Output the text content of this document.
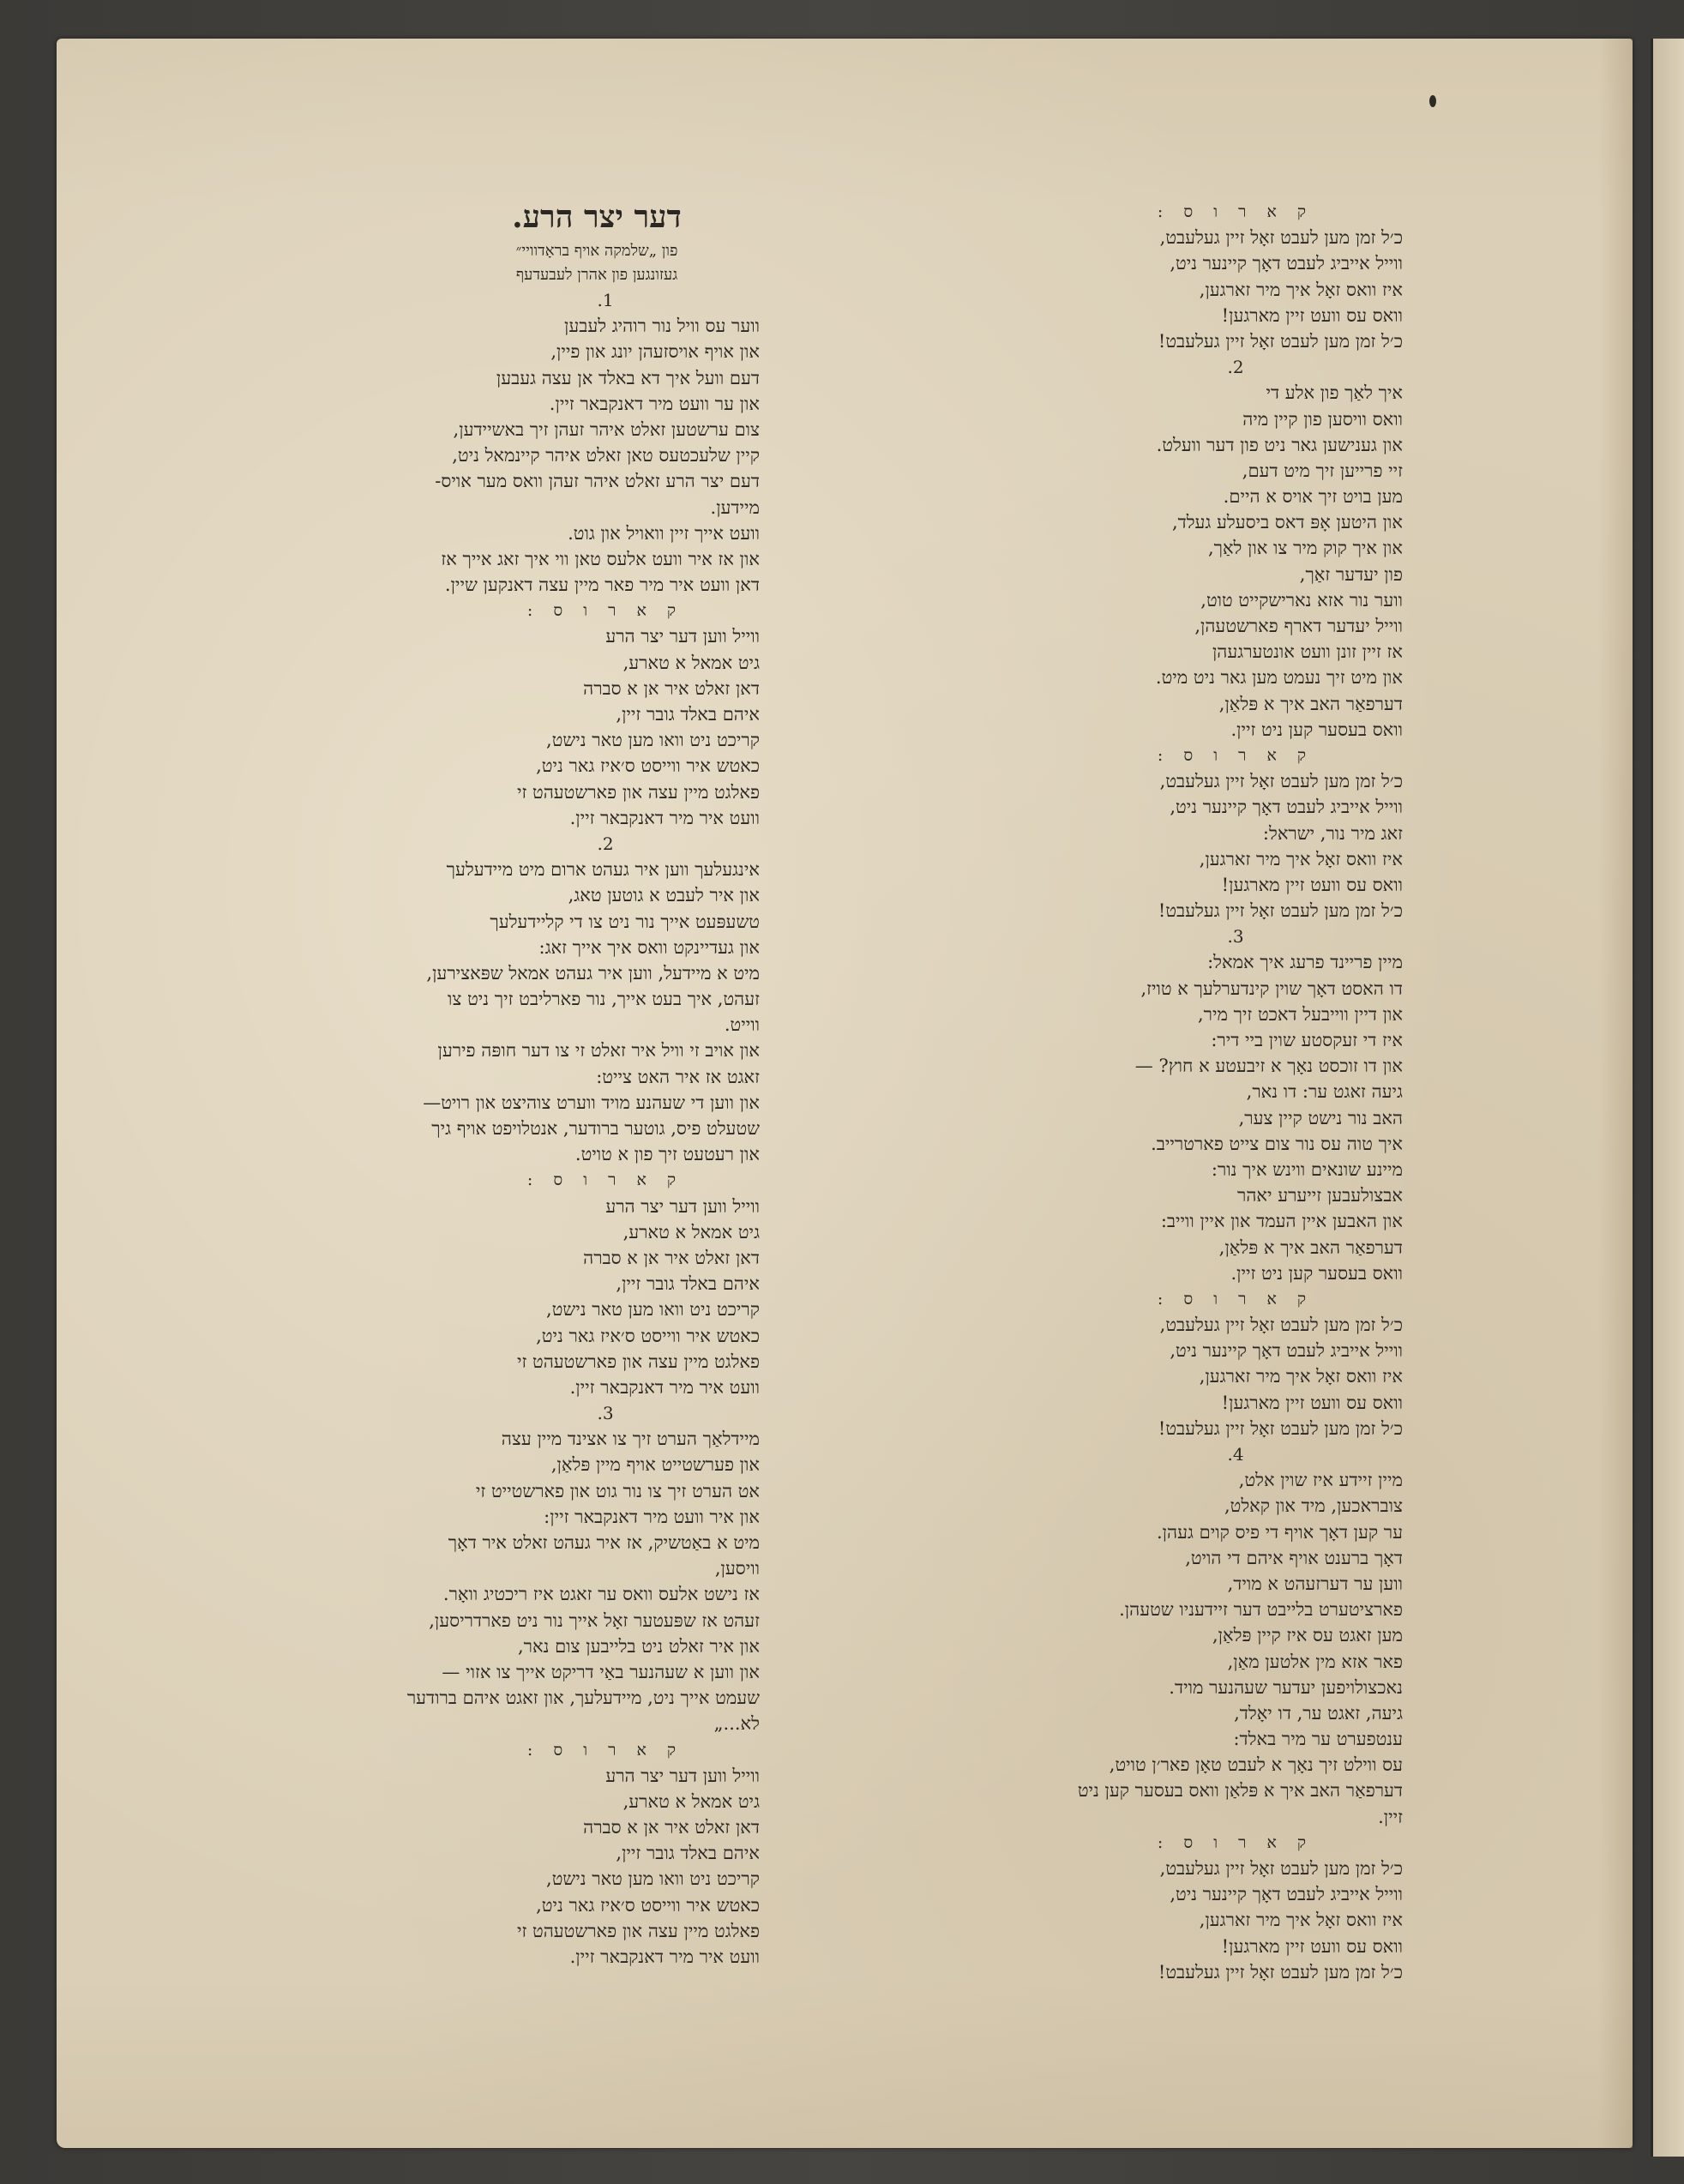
ק א ר ו ס :
כ׳ל זמן מען לעבט זאָל זיין געלעבט,
ווייל אייביג לעבט דאָך קיינער ניט,
איז וואס זאָל איך מיר זארגען,
וואס עס וועט זיין מארגען!
כ׳ל זמן מען לעבט זאָל זיין געלעבט!
2.
איך לאַך פון אלע די
וואס וויסען פון קיין מיה
און גענישען גאר ניט פון דער וועלט.
זיי פרייען זיך מיט דעם,
מען בויט זיך אויס א היים.
און היטען אָפּ דאס ביסעלע געלד,
און איך קוק מיר צו און לאַך,
פון יעדער זאַך,
ווער נור אזא נארישקייט טוט,
ווייל יעדער דארף פארשטעהן,
אז זיין זונן וועט אונטערגעהן
און מיט זיך נעמט מען גאר ניט מיט.
דערפאַר האב איך א פּלאַן,
וואס בעסער קען ניט זיין.
ק א ר ו ס :
כ׳ל זמן מען לעבט זאָל זיין געלעבט,
ווייל אייביג לעבט דאָך קיינער ניט,
זאג מיר נור, ישראל:
איז וואס זאָל איך מיר זארגען,
וואס עס וועט זיין מארגען!
כ׳ל זמן מען לעבט זאָל זיין געלעבט!
3.
מיין פריינד פרעג איך אמאל:
דו האסט דאָך שוין קינדערלעך א טויז,
און דיין ווייבעל דאכט זיך מיר,
איז די זעקסטע שוין ביי דיר:
און דו זוכסט נאָך א זיבעטע א חוץ? —
גיעה זאגט ער: דו נאר,
האב נור נישט קיין צער,
איך טוה עס נור צום צייט פארטרייב.
מיינע שונאים ווינש איך נור:
אבצולעבען זייערע יאהר
און האבען איין העמד און איין ווייב:
דערפאַר האב איך א פּלאַן,
וואס בעסער קען ניט זיין.
ק א ר ו ס :
כ׳ל זמן מען לעבט זאָל זיין געלעבט,
ווייל אייביג לעבט דאָך קיינער ניט,
איז וואס זאָל איך מיר זארגען,
וואס עס וועט זיין מארגען!
כ׳ל זמן מען לעבט זאָל זיין געלעבט!
4.
מיין זיידע איז שוין אלט,
צובראכען, מיד און קאלט,
ער קען דאָך אויף די פיס קוים געהן.
דאָך ברענט אויף איהם די הויט,
ווען ער דערזעהט א מויד,
פארציטערט בלייבט דער זיידעניו שטעהן.
מען זאגט עס איז קיין פּלאַן,
פאר אזא מין אלטען מאַן,
נאכצולויפען יעדער שעהנער מויד.
גיעה, זאגט ער, דו יאָלד,
ענטפערט ער מיר באלד:
עס ווילט זיך נאָך א לעבט טאָן פאר׳ן טויט,
דערפאַר האב איך א פּלאַן וואס בעסער קען ניט
זיין.
ק א ר ו ס :
כ׳ל זמן מען לעבט זאָל זיין געלעבט,
ווייל אייביג לעבט דאָך קיינער ניט,
איז וואס זאָל איך מיר זארגען,
וואס עס וועט זיין מארגען!
כ׳ל זמן מען לעבט זאָל זיין געלעבט!
דער יצר הרע.
פון „שלמקה אויף בראָדוויי״
געזונגען פון אהרן לעבעדעף
1.
ווער עס וויל נור רוהיג לעבען
און אויף אויסזעהן יונג און פיין,
דעם וועל איך דא באלד אן עצה געבען
און ער וועט מיר דאנקבאר זיין.
צום ערשטען זאלט איהר זעהן זיך באשיידען,
קיין שלעכטעס טאן זאלט איהר קיינמאל ניט,
דעם יצר הרע זאלט איהר זעהן וואס מער אויס-
מיידען.
וועט אייך זיין וואויל און גוט.
און אז איר וועט אלעס טאן ווי איך זאג אייך אז
דאן וועט איר מיר פאר מיין עצה דאנקען שיין.
ק א ר ו ס :
ווייל ווען דער יצר הרע
גיט אמאל א טארע,
דאן זאלט איר אן א סברה
איהם באלד גובר זיין,
קריכט ניט וואו מען טאר נישט,
כאטש איר ווייסט ס׳איז גאר ניט,
פאלגט מיין עצה און פארשטעהט זי
וועט איר מיר דאנקבאר זיין.
2.
אינגעלעך ווען איר געהט ארום מיט מיידעלעך
און איר לעבט א גוטען טאג,
טשעפּעט אייך נור ניט צו די קליידעלעך
און געדיינקט וואס איך אייך זאג:
מיט א מיידעל, ווען איר געהט אמאל שפּאצירען,
זעהט, איך בעט אייך, נור פארליבט זיך ניט צו
ווייט.
און אויב זי וויל איר זאלט זי צו דער חופּה פירען
זאגט אז איר האט צייט:
און ווען די שעהנע מויד ווערט צוהיצט און רויט—
שטעלט פיס, גוטער ברודער, אנטלויפט אויף גיך
און רעטעט זיך פון א טויט.
ק א ר ו ס :
ווייל ווען דער יצר הרע
גיט אמאל א טארע,
דאן זאלט איר אן א סברה
איהם באלד גובר זיין,
קריכט ניט וואו מען טאר נישט,
כאטש איר ווייסט ס׳איז גאר ניט,
פאלגט מיין עצה און פארשטעהט זי
וועט איר מיר דאנקבאר זיין.
3.
מיידלאַך הערט זיך צו אצינד מיין עצה
און פערשטייט אויף מיין פּלאַן,
אט הערט זיך צו נור גוט און פארשטייט זי
און איר וועט מיר דאנקבאר זיין:
מיט א באַטשיק, אז איר געהט זאלט איר דאָך
וויסען,
אז נישט אלעס וואס ער זאגט איז ריכטיג וואָר.
זעהט אז שפּעטער זאָל אייך נור ניט פארדריסען,
און איר זאלט ניט בלייבען צום נאר,
און ווען א שעהנער באַי דריקט אייך צו אזוי —
שעמט אייך ניט, מיידעלעך, און זאגט איהם ברודער
לא...„
ק א ר ו ס :
ווייל ווען דער יצר הרע
גיט אמאל א טארע,
דאן זאלט איר אן א סברה
איהם באלד גובר זיין,
קריכט ניט וואו מען טאר נישט,
כאטש איר ווייסט ס׳איז גאר ניט,
פאלגט מיין עצה און פארשטעהט זי
וועט איר מיר דאנקבאר זיין.
